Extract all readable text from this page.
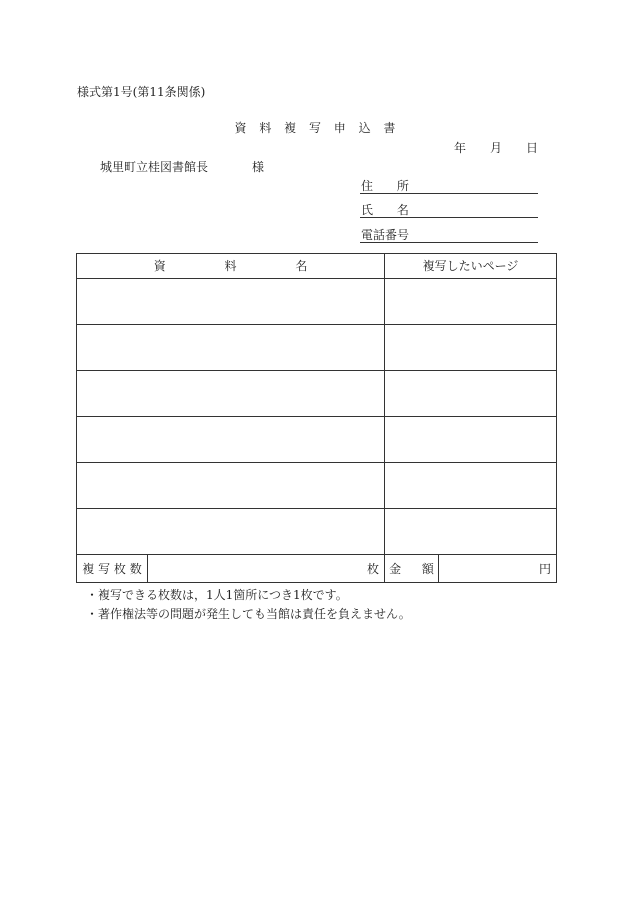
様式第1号(第11条関係)
資 料 複 写 申 込 書
年 月 日
城里町立桂図書館長	様
住 所
氏 名
電話番号
資 料 名		複写したいページ	

複 写 枚 数	枚	金 額	円
・複写できる枚数は，1人1箇所につき1枚です。
・著作権法等の問題が発生しても当館は責任を負えません。
